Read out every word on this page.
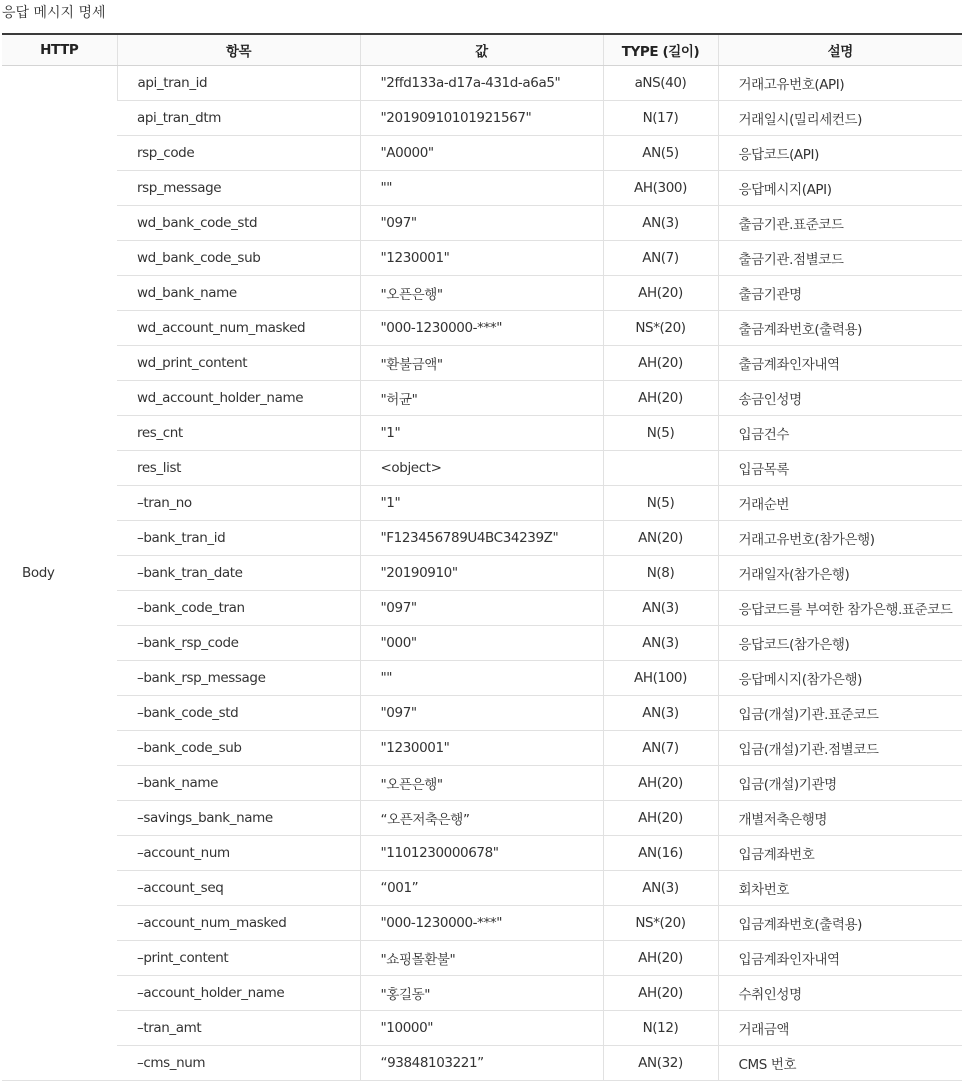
응답 메시지 명세
HTTP	항목	값	TYPE (길이)	설명
Body	api_tran_id	"2ffd133a-d17a-431d-a6a5"	aNS(40)	거래고유번호(API)
	api_tran_dtm	"20190910101921567"	N(17)	거래일시(밀리세컨드)
	rsp_code	"A0000"	AN(5)	응답코드(API)
	rsp_message	""	AH(300)	응답메시지(API)
	wd_bank_code_std	"097"	AN(3)	출금기관.표준코드
	wd_bank_code_sub	"1230001"	AN(7)	출금기관.점별코드
	wd_bank_name	"오픈은행"	AH(20)	출금기관명
	wd_account_num_masked	"000-1230000-***"	NS*(20)	출금계좌번호(출력용)
	wd_print_content	"환불금액"	AH(20)	출금계좌인자내역
	wd_account_holder_name	"허균"	AH(20)	송금인성명
	res_cnt	"1"	N(5)	입금건수
	res_list	<object>		입금목록
	–tran_no	"1"	N(5)	거래순번
	–bank_tran_id	"F123456789U4BC34239Z"	AN(20)	거래고유번호(참가은행)
	–bank_tran_date	"20190910"	N(8)	거래일자(참가은행)
	–bank_code_tran	"097"	AN(3)	응답코드를 부여한 참가은행.표준코드
	–bank_rsp_code	"000"	AN(3)	응답코드(참가은행)
	–bank_rsp_message	""	AH(100)	응답메시지(참가은행)
	–bank_code_std	"097"	AN(3)	입금(개설)기관.표준코드
	–bank_code_sub	"1230001"	AN(7)	입금(개설)기관.점별코드
	–bank_name	"오픈은행"	AH(20)	입금(개설)기관명
	–savings_bank_name	“오픈저축은행”	AH(20)	개별저축은행명
	–account_num	"1101230000678"	AN(16)	입금계좌번호
	–account_seq	“001”	AN(3)	회차번호
	–account_num_masked	"000-1230000-***"	NS*(20)	입금계좌번호(출력용)
	–print_content	"쇼핑몰환불"	AH(20)	입금계좌인자내역
	–account_holder_name	"홍길동"	AH(20)	수취인성명
	–tran_amt	"10000"	N(12)	거래금액
	–cms_num	“93848103221”	AN(32)	CMS 번호
